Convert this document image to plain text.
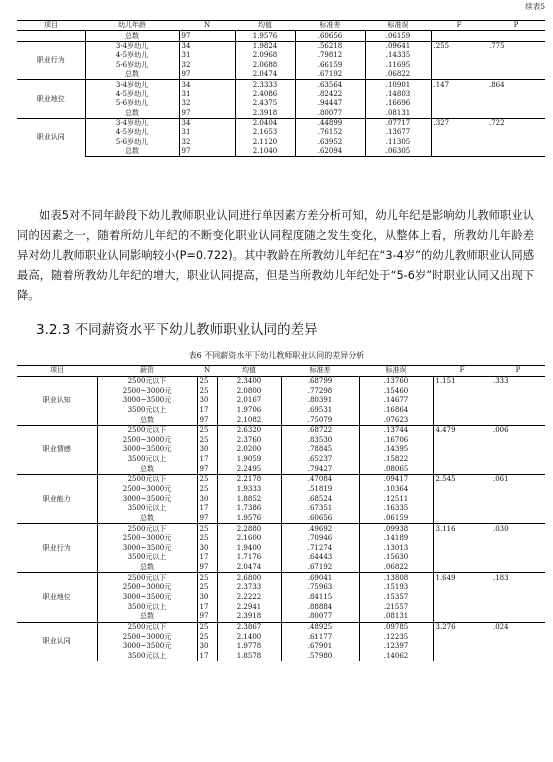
续表5
项目	幼儿年龄	N	均值	标准差	标准误	F	P
	总数	97	1.9576	.60656	.06159		
职业行为	3-4岁幼儿	34	1.9824	.56218	.09641	.255	.775
	4-5岁幼儿	31	2.0968	.79812	.14335		
	5-6岁幼儿	32	2.0688	.66159	.11695		
	总数	97	2.0474	.67192	.06822		
职业地位	3-4岁幼儿	34	2.3333	.63564	.10901	.147	.864
	4-5岁幼儿	31	2.4086	.82422	.14803		
	5-6岁幼儿	32	2.4375	.94447	.16696		
	总数	97	2.3918	.80077	.08131		
职业认同	3-4岁幼儿	34	2.0404	.44899	.07717	.327	.722
	4-5岁幼儿	31	2.1653	.76152	.13677		
	5-6岁幼儿	32	2.1120	.63952	.11305		
	总数	97	2.1040	.62094	.06305		
如表5对不同年龄段下幼儿教师职业认同进行单因素方差分析可知，幼儿年纪是影响幼儿教师职业认同的因素之一，随着所幼儿年纪的不断变化职业认同程度随之发生变化，从整体上看，所教幼儿年龄差异对幼儿教师职业认同影响较小(P=0.722)。其中教龄在所教幼儿年纪在“3-4岁”的幼儿教师职业认同感最高，随着所教幼儿年纪的增大，职业认同提高，但是当所教幼儿年纪处于“5-6岁”时职业认同又出现下降。
3.2.3 不同薪资水平下幼儿教师职业认同的差异
表6 不同薪资水平下幼儿教师职业认同的差异分析
项目	薪资	N	均值	标准差	标准误	F	P
职业认知	2500元以下	25	2.3400	.68799	.13760	1.151	.333
	2500~3000元	25	2.0800	.77298	.15460		
	3000~3500元	30	2.0167	.80391	.14677		
	3500元以上	17	1.9706	.69531	.16864		
	总数	97	2.1082	.75079	.07623		
职业情感	2500元以下	25	2.6320	.68722	.13744	4.479	.006
	2500~3000元	25	2.3760	.83530	.16706		
	3000~3500元	30	2.0200	.78845	.14395		
	3500元以上	17	1.9059	.65237	.15822		
	总数	97	2.2495	.79427	.08065		
职业能力	2500元以下	25	2.2178	.47084	.09417	2.545	.061
	2500~3000元	25	1.9333	.51819	.10364		
	3000~3500元	30	1.8852	.68524	.12511		
	3500元以上	17	1.7386	.67351	.16335		
	总数	97	1.9576	.60656	.06159		
职业行为	2500元以下	25	2.2880	.49692	.09938	3.116	.030
	2500~3000元	25	2.1600	.70946	.14189		
	3000~3500元	30	1.9400	.71274	.13013		
	3500元以上	17	1.7176	.64443	.15630		
	总数	97	2.0474	.67192	.06822		
职业地位	2500元以下	25	2.6800	.69041	.13808	1.649	.183
	2500~3000元	25	2.3733	.75963	.15193		
	3000~3500元	30	2.2222	.84115	.15357		
	3500元以上	17	2.2941	.88884	.21557		
	总数	97	2.3918	.80077	.08131		
职业认同	2500元以下	25	2.3867	.48925	.09785	3.276	.024
	2500~3000元	25	2.1400	.61177	.12235		
	3000~3500元	30	1.9778	.67901	.12397		
	3500元以上	17	1.8578	.57980	.14062		
